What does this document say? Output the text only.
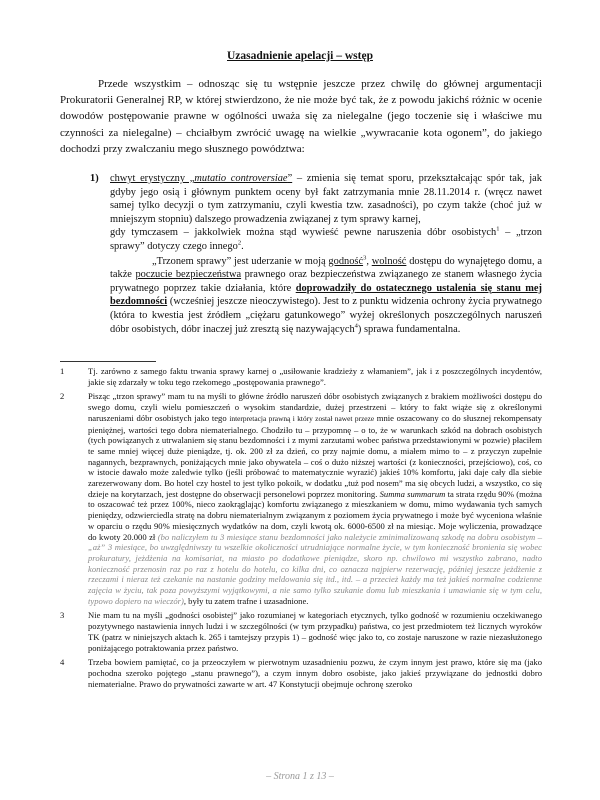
Uzasadnienie apelacji – wstęp

Przede wszystkim – odnosząc się tu wstępnie jeszcze przez chwilę do głównej argumentacji Prokuratorii Generalnej RP, w której stwierdzono, że nie może być tak, że z powodu jakichś różnic w ocenie dowodów postępowanie prawne w ogólności uważa się za nielegalne (jego toczenie się i właściwe mu czynności za nielegalne) – chciałbym zwrócić uwagę na wielkie „wywracanie kota ogonem”, do jakiego dochodzi przy zwalczaniu mego słusznego powództwa:

1) chwyt erystyczny „mutatio controversiae” – zmienia się temat sporu, przekształcając spór tak, jak gdyby jego osią i głównym punktem oceny był fakt zatrzymania mnie 28.11.2014 r. (wręcz nawet samej tylko decyzji o tym zatrzymaniu, czyli kwestia tzw. zasadności), po czym także (choć już w mniejszym stopniu) dalszego prowadzenia związanej z tym sprawy karnej,
gdy tymczasem – jakkolwiek można stąd wywieść pewne naruszenia dóbr osobistych$^1$ – „trzon sprawy” dotyczy czego innego$^2$.

„Trzonem sprawy” jest uderzanie w moją godność$^3$, wolność dostępu do wynajętego domu, a także poczucie bezpieczeństwa prawnego oraz bezpieczeństwa związanego ze stanem własnego życia prywatnego poprzez takie działania, które doprowadziły do ostatecznego ustalenia się stanu mej bezdomności (wcześniej jeszcze nieoczywistego). Jest to z punktu widzenia ochrony życia prywatnego (która to kwestia jest źródłem „ciężaru gatunkowego” wyżej określonych poszczególnych naruszeń dóbr osobistych, dóbr inaczej już zresztą się nazywających$^4$) sprawa fundamentalna.

1	Tj. zarówno z samego faktu trwania sprawy karnej o „usiłowanie kradzieży z włamaniem”, jak i z poszczególnych incydentów, jakie się zdarzały w toku tego rzekomego „postępowania prawnego”.
2	Pisząc „trzon sprawy” mam tu na myśli to główne źródło naruszeń dóbr osobistych związanych z brakiem możliwości dostępu do swego domu, czyli wielu pomieszczeń o wysokim standardzie, dużej przestrzeni – który to fakt wiąże się z określonymi naruszeniami dóbr osobistych jako tego interpretacja prawną i który został nawet przeze mnie oszacowany co do słusznej rekompensaty pieniężnej, wartości tego dobra niematerialnego. Chodziło tu – przypomnę – o to, że w warunkach szkód na dobrach osobistych (tych powiązanych z utrwalaniem się stanu bezdomności i z mymi zarzutami wobec państwa przedstawionymi w pozwie) płaciłem te same mniej więcej duże pieniądze, tj. ok. 200 zł za dzień, co przy najmie domu, a miałem mimo to – z przyczyn zupełnie nagannych, bezprawnych, poniżających mnie jako obywatela – coś o dużo niższej wartości (z konieczności, przejściowo), coś, co w istocie dawało może zaledwie tylko (jeśli próbować to matematycznie wyrazić) jakieś 10% komfortu, jaki daje cały dla siebie zarezerwowany dom. Bo hotel czy hostel to jest tylko pokoik, w dodatku „tuż pod nosem” ma się obcych ludzi, a wszystko, co się dzieje na korytarzach, jest dostępne do obserwacji personelowi poprzez monitoring. Summa summarum ta strata rzędu 90% (można to oszacować też przez 100%, nieco zaokrąglając) komfortu związanego z mieszkaniem w domu, mimo wydawania tych samych pieniędzy, odzwierciedla stratę na dobru niematerialnym związanym z poziomem życia prywatnego i może być wyceniona właśnie w oparciu o rzędu 90% miesięcznych wydatków na dom, czyli kwotą ok. 6000-6500 zł na miesiąc. Moje wyliczenia, prowadzące do kwoty 20.000 zł (bo naliczyłem tu 3 miesiące stanu bezdomności jako należycie zminimalizowaną szkodę na dobru osobistym – „aż” 3 miesiące, bo uwzględniwszy tu wszelkie okoliczności utrudniające normalne życie, w tym konieczność bronienia się wobec prokuratury, jeżdżenia na komisariat, na miasto po dodatkowe pieniądze, skoro np. chwilowo mi wszystko zabrano, nadto konieczność przenosin raz po raz z hotelu do hotelu, co kilka dni, co oznacza najpierw rezerwację, później jeszcze jeżdżenie z rzeczami i nieraz też czekanie na nastanie godziny meldowania się itd., itd. – a przecież każdy ma też jakieś normalne codzienne zajęcia w życiu, tak poza powyższymi wyjątkowymi, a nie samo tylko szukanie domu lub mieszkania i umawianie się w tym celu, typowo dopiero na wieczór), były tu zatem trafne i uzasadnione.
3	Nie mam tu na myśli „godności osobistej” jako rozumianej w kategoriach etycznych, tylko godność w rozumieniu oczekiwanego pozytywnego nastawienia innych ludzi i w szczególności (w tym przypadku) państwa, co jest przedmiotem też licznych wyroków TK (patrz w niniejszych aktach k. 265 i tamtejszy przypis 1) – godność więc jako to, co zostaje naruszone w razie niezasłużonego poniżającego potraktowania przez państwo.
4	Trzeba bowiem pamiętać, co ja przeoczyłem w pierwotnym uzasadnieniu pozwu, że czym innym jest prawo, które się ma (jako pochodna szeroko pojętego „stanu prawnego”), a czym innym dobro osobiste, jako jakieś przywiązane do jednostki dobro niematerialne. Prawo do prywatności zawarte w art. 47 Konstytucji obejmuje ochronę szeroko
– Strona 1 z 13 –
